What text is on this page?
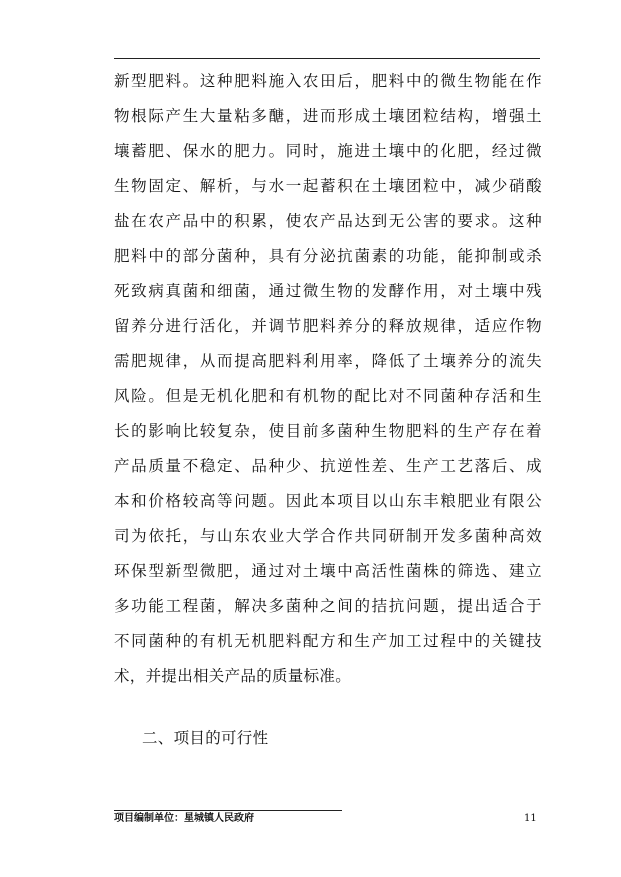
新型肥料。这种肥料施入农田后，肥料中的微生物能在作
物根际产生大量粘多醣，进而形成土壤团粒结构，增强土
壤蓄肥、保水的肥力。同时，施进土壤中的化肥，经过微
生物固定、解析，与水一起蓄积在土壤团粒中，减少硝酸
盐在农产品中的积累，使农产品达到无公害的要求。这种
肥料中的部分菌种，具有分泌抗菌素的功能，能抑制或杀
死致病真菌和细菌，通过微生物的发酵作用，对土壤中残
留养分进行活化，并调节肥料养分的释放规律，适应作物
需肥规律，从而提高肥料利用率，降低了土壤养分的流失
风险。但是无机化肥和有机物的配比对不同菌种存活和生
长的影响比较复杂，使目前多菌种生物肥料的生产存在着
产品质量不稳定、品种少、抗逆性差、生产工艺落后、成
本和价格较高等问题。因此本项目以山东丰粮肥业有限公
司为依托，与山东农业大学合作共同研制开发多菌种高效
环保型新型微肥，通过对土壤中高活性菌株的筛选、建立
多功能工程菌，解决多菌种之间的拮抗问题，提出适合于
不同菌种的有机无机肥料配方和生产加工过程中的关键技
术，并提出相关产品的质量标准。
二、项目的可行性
项目编制单位：星城镇人民政府	11
